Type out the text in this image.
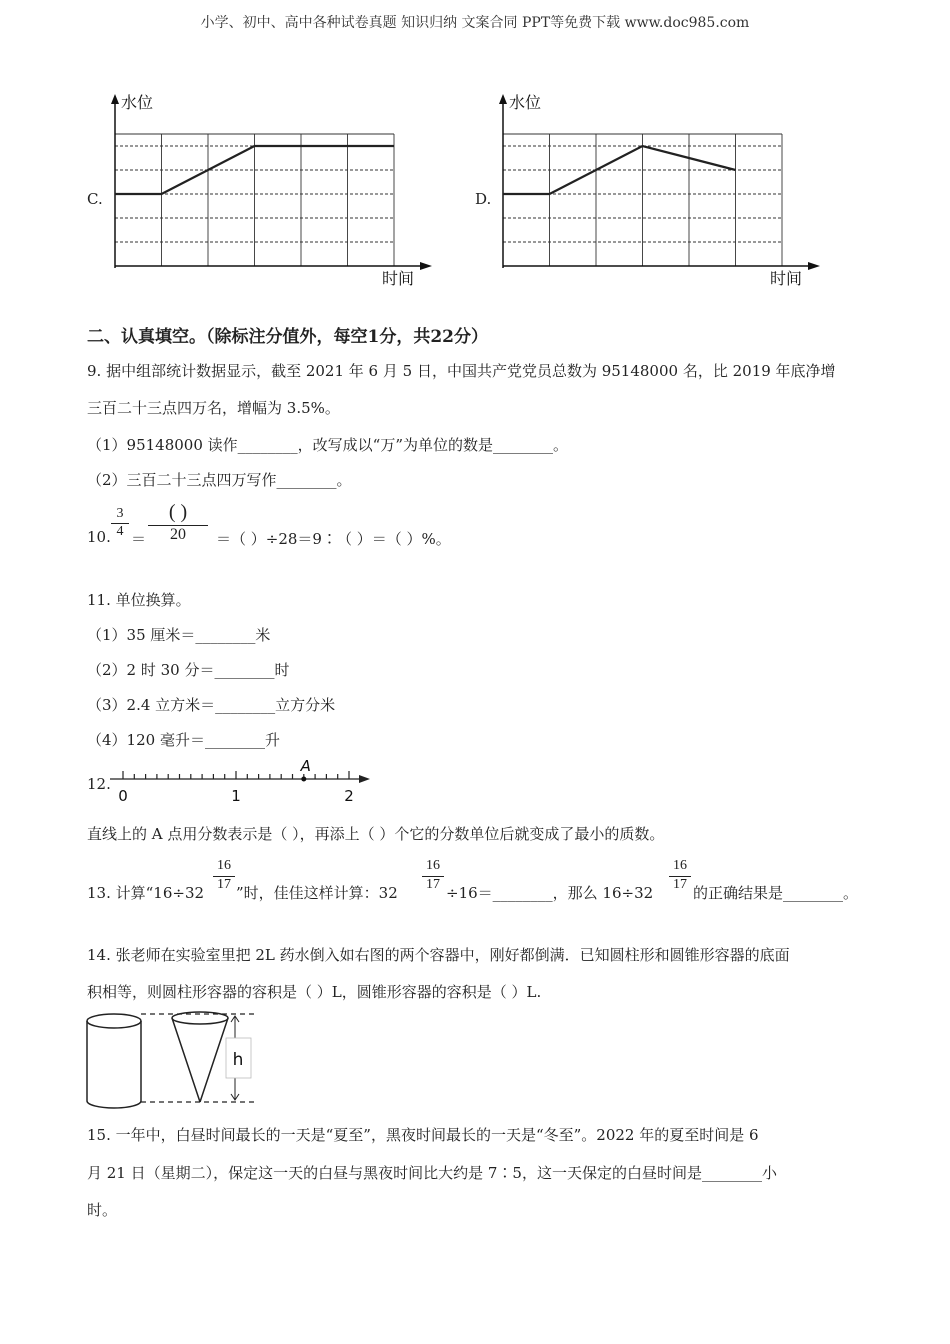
小学、初中、高中各种试卷真题 知识归纳 文案合同 PPT等免费下载 www.doc985.com
C.
水位
时间
D.
水位
时间
二、认真填空。（除标注分值外，每空1分，共22分）
9. 据中组部统计数据显示，截至 2021 年 6 月 5 日，中国共产党党员总数为 95148000 名，比 2019 年底净增
三百二十三点四万名，增幅为 3.5%。
（1）95148000 读作________，改写成以“万”为单位的数是________。
（2）三百二十三点四万写作________。
10. $\frac{3}{4}$ ＝
( )
20	＝（ ）÷28＝9∶（ ）＝（ ）%。
11. 单位换算。
（1）35 厘米＝________米
（2）2 时 30 分＝________时
（3）2.4 立方米＝________立方分米
（4）120 毫升＝________升
12.
A
0	1	2
直线上的 A 点用分数表示是（ ），再添上（ ）个它的分数单位后就变成了最小的质数。
13. 计算“$16\div 32 \frac{16}{17}$ ”时，佳佳这样计算：$32 \frac{16}{17}$ ÷16＝________，那么 $16\div 32 \frac{16}{17}$ 的正确结果是________。
14. 张老师在实验室里把 2L 药水倒入如右图的两个容器中，刚好都倒满．已知圆柱形和圆锥形容器的底面
积相等，则圆柱形容器的容积是（ ）L，圆锥形容器的容积是（ ）L.
h
15. 一年中，白昼时间最长的一天是“夏至”，黑夜时间最长的一天是“冬至”。2022 年的夏至时间是 6
月 21 日（星期二），保定这一天的白昼与黑夜时间比大约是 7∶5，这一天保定的白昼时间是________小
时。
